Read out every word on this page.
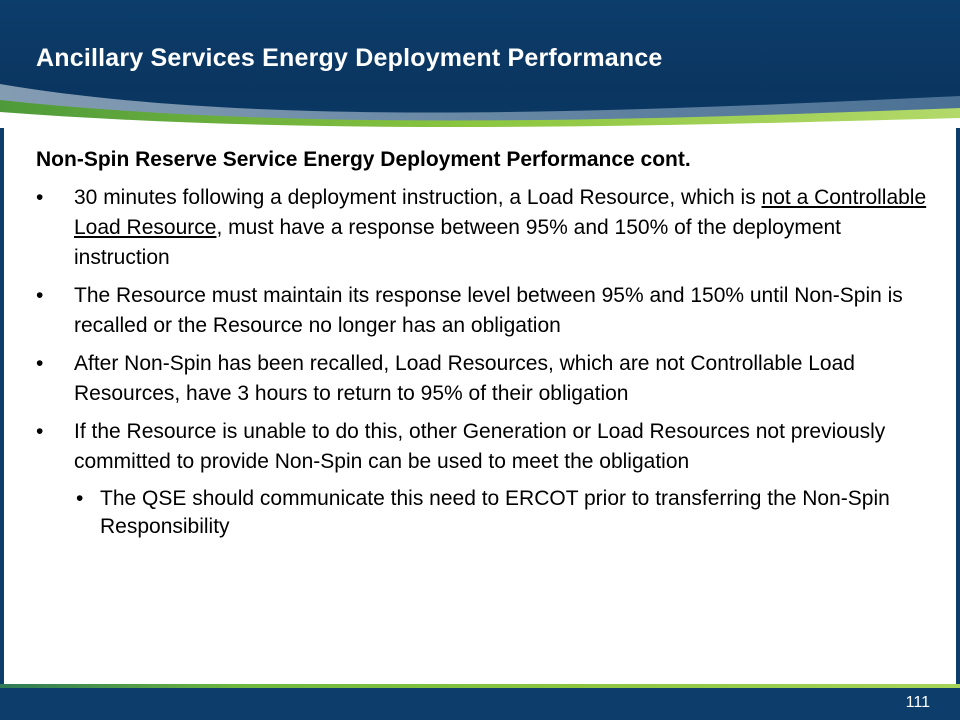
Ancillary Services Energy Deployment Performance

Non-Spin Reserve Service Energy Deployment Performance cont.

• 30 minutes following a deployment instruction, a Load Resource, which is not a Controllable Load Resource, must have a response between 95% and 150% of the deployment instruction
• The Resource must maintain its response level between 95% and 150% until Non-Spin is recalled or the Resource no longer has an obligation
• After Non-Spin has been recalled, Load Resources, which are not Controllable Load Resources, have 3 hours to return to 95% of their obligation
• If the Resource is unable to do this, other Generation or Load Resources not previously committed to provide Non-Spin can be used to meet the obligation
• The QSE should communicate this need to ERCOT prior to transferring the Non-Spin Responsibility
111
